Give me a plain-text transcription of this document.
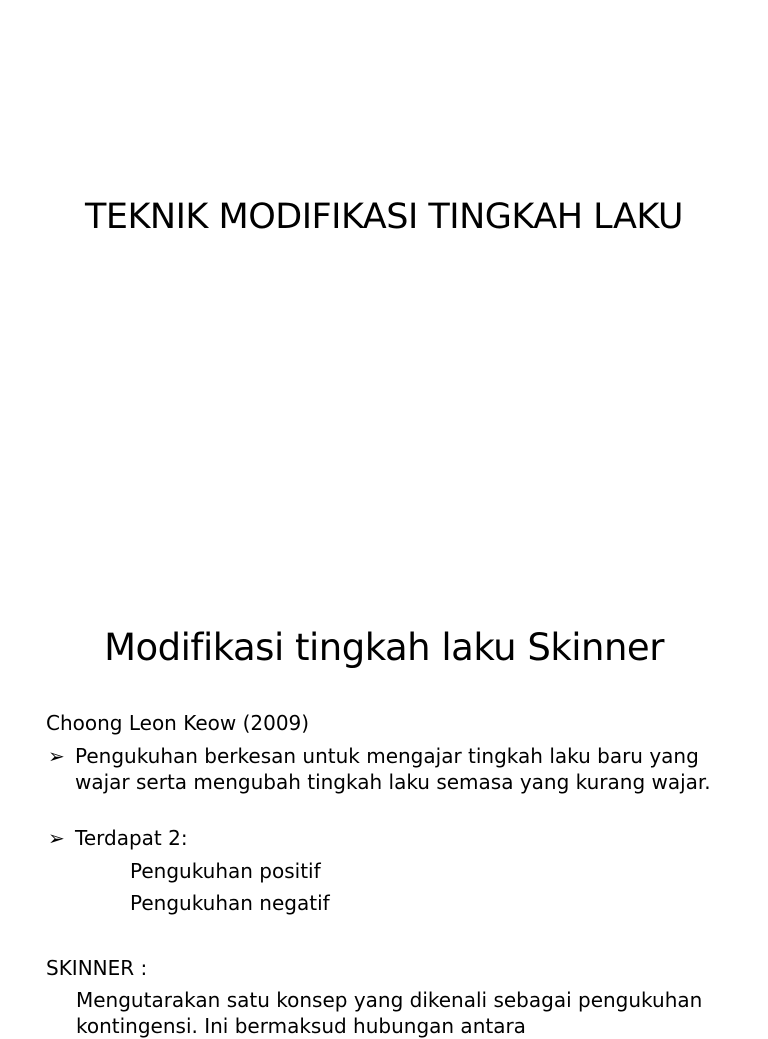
TEKNIK MODIFIKASI TINGKAH LAKU
Modifikasi tingkah laku Skinner
Choong Leon Keow (2009)
➢ Pengukuhan berkesan untuk mengajar tingkah laku baru yang wajar serta mengubah tingkah laku semasa yang kurang wajar.
➢ Terdapat 2:
Pengukuhan positif
Pengukuhan negatif
SKINNER :
Mengutarakan satu konsep yang dikenali sebagai pengukuhan kontingensi. Ini bermaksud hubungan antara
